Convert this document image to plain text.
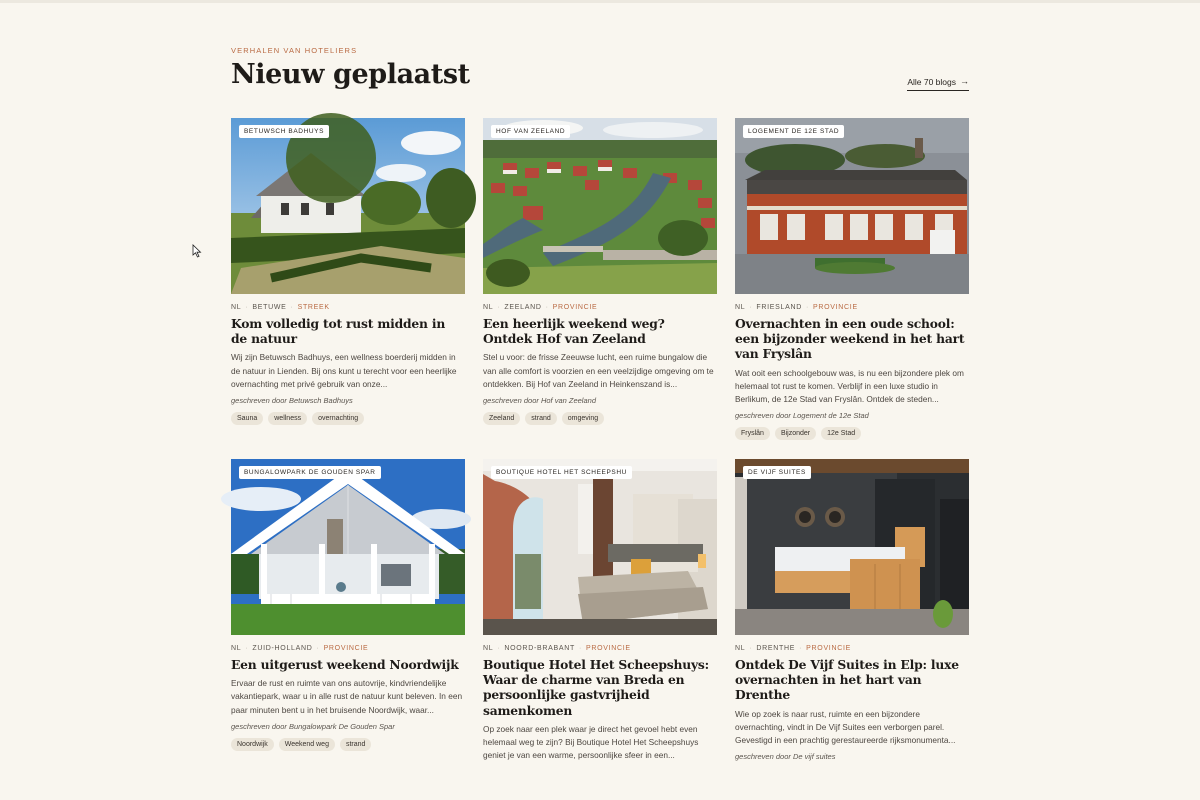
VERHALEN VAN HOTELIERS
Nieuw geplaatst	Alle 70 blogs →
BETUWSCH BADHUYS
NL · BETUWE · STREEK
Kom volledig tot rust midden in de natuur

Wij zijn Betuwsch Badhuys, een wellness boerderij midden in de natuur in Lienden. Bij ons kunt u terecht voor een heerlijke overnachting met privé gebruik van onze...

geschreven door Betuwsch Badhuys
Sauna	wellness	overnachting
HOF VAN ZEELAND
NL · ZEELAND · PROVINCIE
Een heerlijk weekend weg? Ontdek Hof van Zeeland

Stel u voor: de frisse Zeeuwse lucht, een ruime bungalow die van alle comfort is voorzien en een veelzijdige omgeving om te ontdekken. Bij Hof van Zeeland in Heinkenszand is...

geschreven door Hof van Zeeland
Zeeland	strand	omgeving
LOGEMENT DE 12E STAD
NL · FRIESLAND · PROVINCIE
Overnachten in een oude school: een bijzonder weekend in het hart van Fryslân

Wat ooit een schoolgebouw was, is nu een bijzondere plek om helemaal tot rust te komen. Verblijf in een luxe studio in Berlikum, de 12e Stad van Fryslân. Ontdek de steden...

geschreven door Logement de 12e Stad
Fryslân	Bijzonder	12e Stad
BUNGALOWPARK DE GOUDEN SPAR
NL · ZUID-HOLLAND · PROVINCIE
Een uitgerust weekend Noordwijk

Ervaar de rust en ruimte van ons autovrije, kindvriendelijke vakantiepark, waar u in alle rust de natuur kunt beleven. In een paar minuten bent u in het bruisende Noordwijk, waar...

geschreven door Bungalowpark De Gouden Spar
Noordwijk	Weekend weg	strand
BOUTIQUE HOTEL HET SCHEEPSHU
NL · NOORD-BRABANT · PROVINCIE
Boutique Hotel Het Scheepshuys: Waar de charme van Breda en persoonlijke gastvrijheid samenkomen

Op zoek naar een plek waar je direct het gevoel hebt even helemaal weg te zijn? Bij Boutique Hotel Het Scheepshuys geniet je van een warme, persoonlijke sfeer in een...

DE VIJF SUITES
NL · DRENTHE · PROVINCIE
Ontdek De Vijf Suites in Elp: luxe overnachten in het hart van Drenthe

Wie op zoek is naar rust, ruimte en een bijzondere overnachting, vindt in De Vijf Suites een verborgen parel. Gevestigd in een prachtig gerestaureerde rijksmonumenta...

geschreven door De vijf suites
